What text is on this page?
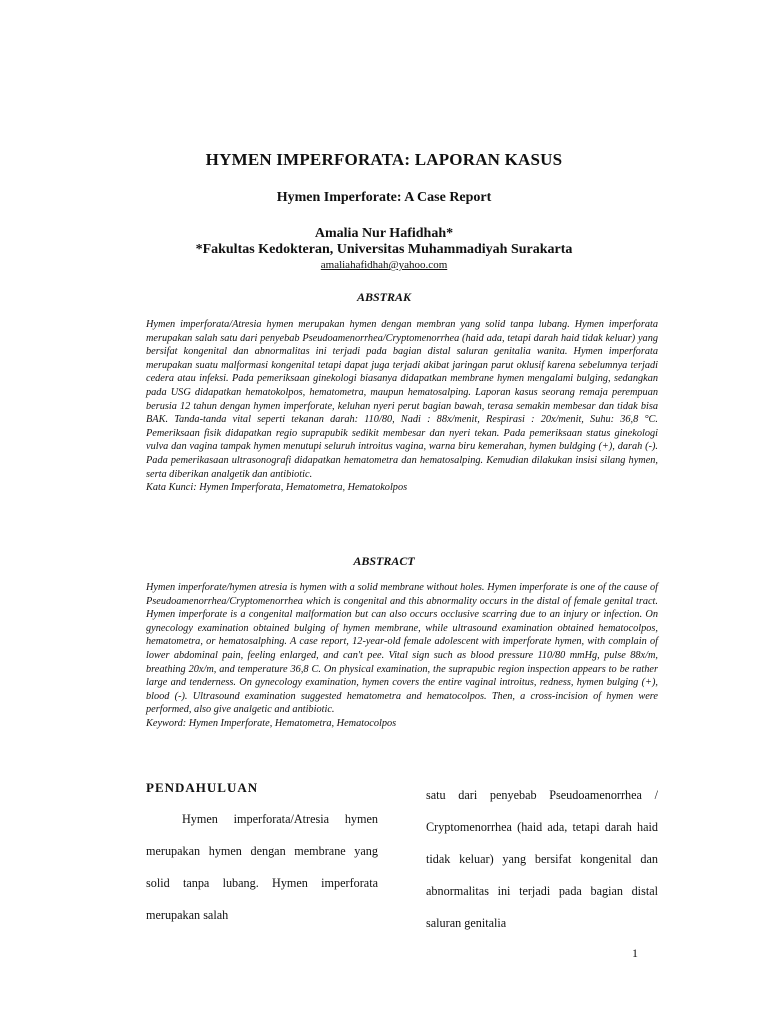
HYMEN IMPERFORATA: LAPORAN KASUS
Hymen Imperforate: A Case Report
Amalia Nur Hafidhah*
*Fakultas Kedokteran, Universitas Muhammadiyah Surakarta
amaliahafidhah@yahoo.com
ABSTRAK

Hymen imperforata/Atresia hymen merupakan hymen dengan membran yang solid tanpa lubang. Hymen imperforata merupakan salah satu dari penyebab Pseudoamenorrhea/Cryptomenorrhea (haid ada, tetapi darah haid tidak keluar) yang bersifat kongenital dan abnormalitas ini terjadi pada bagian distal saluran genitalia wanita. Hymen imperforata merupakan suatu malformasi kongenital tetapi dapat juga terjadi akibat jaringan parut oklusif karena sebelumnya terjadi cedera atau infeksi. Pada pemeriksaan ginekologi biasanya didapatkan membrane hymen mengalami bulging, sedangkan pada USG didapatkan hematokolpos, hematometra, maupun hematosalping. Laporan kasus seorang remaja perempuan berusia 12 tahun dengan hymen imperforate, keluhan nyeri perut bagian bawah, terasa semakin membesar dan tidak bisa BAK. Tanda-tanda vital seperti tekanan darah: 110/80, Nadi : 88x/menit, Respirasi : 20x/menit, Suhu: 36,8 °C. Pemeriksaan fisik didapatkan regio suprapubik sedikit membesar dan nyeri tekan. Pada pemeriksaan status ginekologi vulva dan vagina tampak hymen menutupi seluruh introitus vagina, warna biru kemerahan, hymen buldging (+), darah (-). Pada pemerikasaan ultrasonografi didapatkan hematometra dan hematosalping. Kemudian dilakukan insisi silang hymen, serta diberikan analgetik dan antibiotic.

Kata Kunci: Hymen Imperforata, Hematometra, Hematokolpos

ABSTRACT

Hymen imperforate/hymen atresia is hymen with a solid membrane without holes. Hymen imperforate is one of the cause of Pseudoamenorrhea/Cryptomenorrhea which is congenital and this abnormality occurs in the distal of female genital tract. Hymen imperforate is a congenital malformation but can also occurs occlusive scarring due to an injury or infection. On gynecology examination obtained bulging of hymen membrane, while ultrasound examination obtained hematocolpos, hematometra, or hematosalphing. A case report, 12-year-old female adolescent with imperforate hymen, with complain of lower abdominal pain, feeling enlarged, and can't pee. Vital sign such as blood pressure 110/80 mmHg, pulse 88x/m, breathing 20x/m, and temperature 36,8 C. On physical examination, the suprapubic region inspection appears to be rather large and tenderness. On gynecology examination, hymen covers the entire vaginal introitus, redness, hymen bulging (+), blood (-). Ultrasound examination suggested hematometra and hematocolpos. Then, a cross-incision of hymen were performed, also give analgetic and antibiotic.

Keyword: Hymen Imperforate, Hematometra, Hematocolpos

PENDAHULUAN

Hymen imperforata/Atresia hymen merupakan hymen dengan membrane yang solid tanpa lubang. Hymen imperforata merupakan salah

satu dari penyebab Pseudoamenorrhea / Cryptomenorrhea (haid ada, tetapi darah haid tidak keluar) yang bersifat kongenital dan abnormalitas ini terjadi pada bagian distal saluran genitalia

1
